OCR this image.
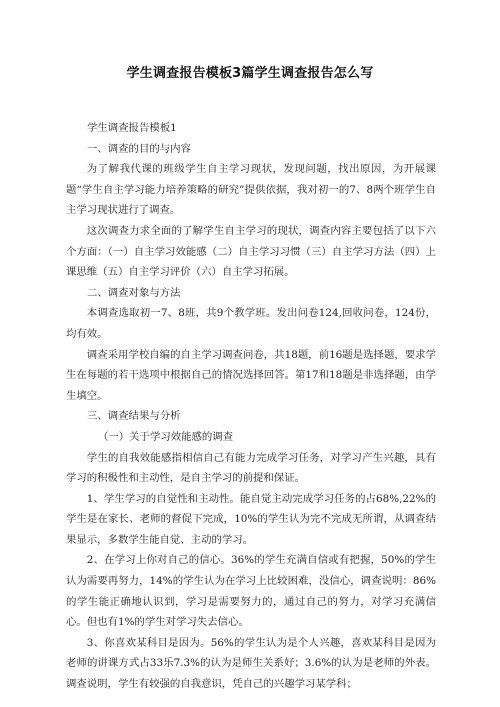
学生调查报告模板3篇学生调查报告怎么写

学生调查报告模板1

一、调查的目的与内容

为了解我代课的班级学生自主学习现状，发现问题，找出原因，为开展课题“学生自主学习能力培养策略的研究”提供依据，我对初一的7、8两个班学生自主学习现状进行了调查。

这次调查力求全面的了解学生自主学习的现状，调查内容主要包括了以下六个方面：（一）自主学习效能感（二）自主学习习惯（三）自主学习方法（四）上课思维（五）自主学习评价（六）自主学习拓展。

二、调查对象与方法

本调查选取初一7、8班，共9个教学班。发出问卷124,回收问卷，124份，均有效。

调查采用学校自编的自主学习调查问卷，共18题，前16题是选择题，要求学生在每题的若干选项中根据自己的情况选择回答。第17和18题是非选择题，由学生填空。

三、调查结果与分析

（一）关于学习效能感的调查

学生的自我效能感指相信自己有能力完成学习任务，对学习产生兴趣，具有学习的积极性和主动性，是自主学习的前提和保证。

1、学生学习的自觉性和主动性。能自觉主动完成学习任务的占68%,22%的学生是在家长、老师的督促下完成，10%的学生认为完不完成无所谓，从调查结果显示，多数学生能自觉、主动的学习。

2、在学习上你对自己的信心。36%的学生充满自信或有把握，50%的学生认为需要再努力，14%的学生认为在学习上比较困难，没信心，调查说明：86%的学生能正确地认识到，学习是需要努力的，通过自己的努力，对学习充满信心。但也有1%的学生对学习失去信心。

3、你喜欢某科目是因为。56%的学生认为是个人兴趣，喜欢某科目是因为老师的讲课方式占33乐7.3%的认为是师生关系好；3.6%的认为是老师的外表。调查说明，学生有较强的自我意识，凭自己的兴趣学习某学科；
